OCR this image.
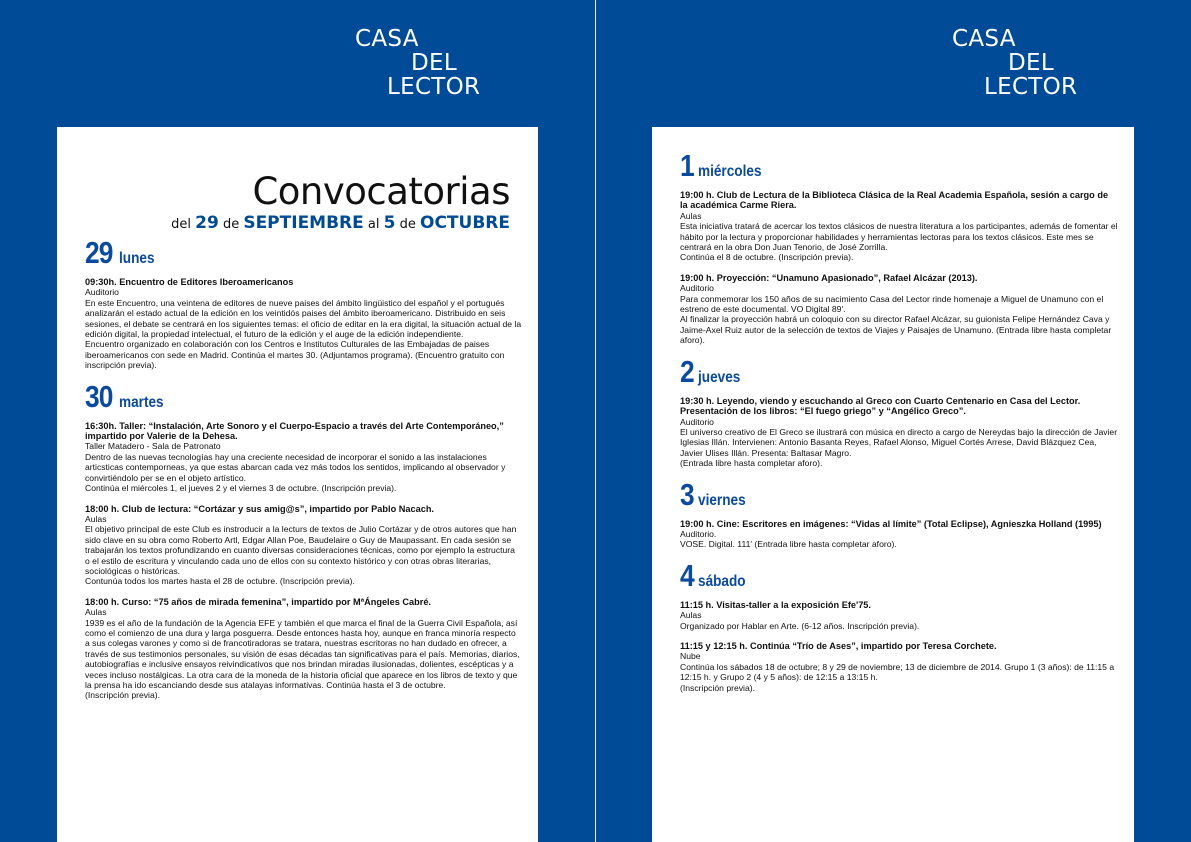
CASA
DEL
LECTOR
Convocatorias
del 29 de SEPTIEMBRE al 5 de OCTUBRE
29 lunes

09:30h. Encuentro de Editores Iberoamericanos

Auditorio

En este Encuentro, una veintena de editores de nueve paises del ámbito lingüistico del español y el portugués analizarán el estado actual de la edición en los veintidós paises del ámbito iberoamericano. Distribuido en seis sesiones, el debate se centrará en los siguientes temas: el oficio de editar en la era digital, la situación actual de la edición digital, la propiedad intelectual, el futuro de la edición y el auge de la edición independiente.

Encuentro organizado en colaboración con los Centros e Institutos Culturales de las Embajadas de paises iberoamericanos con sede en Madrid. Continúa el martes 30. (Adjuntamos programa). (Encuentro gratuito con inscripción previa).

30 martes

16:30h. Taller: “Instalación, Arte Sonoro y el Cuerpo-Espacio a través del Arte Contemporáneo,” impartido por Valerie de la Dehesa.

Taller Matadero - Sala de Patronato

Dentro de las nuevas tecnologías hay una creciente necesidad de incorporar el sonido a las instalaciones articsticas contemporneas, ya que estas abarcan cada vez más todos los sentidos, implicando al observador y convirtiéndolo per se en el objeto artístico.

Continúa el miércoles 1, el jueves 2 y el viernes 3 de octubre. (Inscripción previa).

18:00 h. Club de lectura: “Cortázar y sus amig@s”, impartido por Pablo Nacach.

Aulas

El objetivo principal de este Club es instroducir a la lecturs de textos de Julio Cortázar y de otros autores que han sido clave en su obra como Roberto Artl, Edgar Allan Poe, Baudelaire o Guy de Maupassant. En cada sesión se trabajarán los textos profundizando en cuanto diversas consideraciones técnicas, como por ejemplo la estructura o el estilo de escritura y vinculando cada uno de ellos con su contexto histórico y con otras obras literarias, sociológicas o históricas.

Contunúa todos los martes hasta el 28 de octubre. (Inscripción previa).

18:00 h. Curso: “75 años de mirada femenina”, impartido por MªÁngeles Cabré.

Aulas

1939 es el año de la fundación de la Agencia EFE y también el que marca el final de la Guerra Civil Española, así como el comienzo de una dura y larga posguerra. Desde entonces hasta hoy, aunque en franca minoría respecto a sus colegas varones y como si de francotiradoras se tratara, nuestras escritoras no han dudado en ofrecer, a través de sus testimonios personales, su visión de esas décadas tan significativas para el país. Memorias, diarios, autobiografías e inclusive ensayos reivindicativos que nos brindan miradas ilusionadas, dolientes, escépticas y a veces incluso nostálgicas. La otra cara de la moneda de la historia oficial que aparece en los libros de texto y que la prensa ha ido escanciando desde sus atalayas informativas. Continúa hasta el 3 de octubre.

(Inscripción previa).

CASA
DEL
LECTOR
1 miércoles

19:00 h. Club de Lectura de la Biblioteca Clásica de la Real Academia Española, sesión a cargo de la académica Carme Riera.

Aulas

Esta iniciativa tratará de acercar los textos clásicos de nuestra literatura a los participantes, además de fomentar el hábito por la lectura y proporcionar habilidades y herramientas lectoras para los textos clásicos. Este mes se centrará en la obra Don Juan Tenorio, de José Zorrilla.

Continúa el 8 de octubre. (Inscripción previa).

19:00 h. Proyección: “Unamuno Apasionado”, Rafael Alcázar (2013).

Auditorio

Para conmemorar los 150 años de su nacimiento Casa del Lector rinde homenaje a Miguel de Unamuno con el estreno de este documental. VO Digital 89'.

Al finalizar la proyección habrá un coloquio con su director Rafael Alcázar, su guionista Felipe Hernández Cava y Jaime-Axel Ruiz autor de la selección de textos de Viajes y Paisajes de Unamuno. (Entrada libre hasta completar aforo).

2 jueves

19:30 h. Leyendo, viendo y escuchando al Greco con Cuarto Centenario en Casa del Lector. Presentación de los libros: “El fuego griego” y “Angélico Greco”.

Auditorio

El universo creativo de El Greco se ilustrará con música en directo a cargo de Nereydas bajo la dirección de Javier Iglesias Illán. Intervienen: Antonio Basanta Reyes, Rafael Alonso, Miguel Cortés Arrese, David Blázquez Cea, Javier Ulises Illán. Presenta: Baltasar Magro.

(Entrada libre hasta completar aforo).

3 viernes

19:00 h. Cine: Escritores en imágenes: “Vidas al límite” (Total Eclipse), Agnieszka Holland (1995)

Auditorio.

VOSE. Digital. 111' (Entrada libre hasta completar aforo).

4 sábado

11:15 h. Visitas-taller a la exposición Efe'75.

Aulas

Organizado por Hablar en Arte. (6-12 años. Inscripción previa).

11:15 y 12:15 h. Continúa “Trío de Ases”, impartido por Teresa Corchete.

Nube

Continúa los sábados 18 de octubre; 8 y 29 de noviembre; 13 de diciembre de 2014. Grupo 1 (3 años): de 11:15 a 12:15 h. y Grupo 2 (4 y 5 años): de 12:15 a 13:15 h.

(Inscripción previa).
